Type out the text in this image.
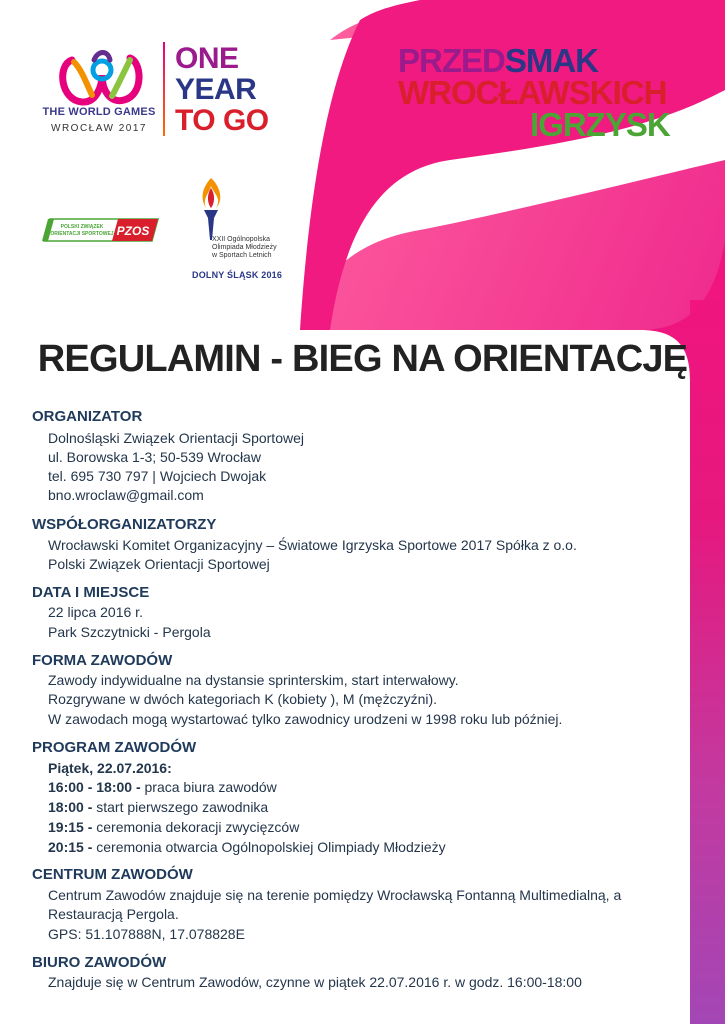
THE WORLD GAMES
WROCŁAW 2017
ONE
YEAR
TO GO
PRZEDSMAK
WROCŁAWSKICH
IGRZYSK
PZOS
POLSKI ZWIĄZEK
ORIENTACJI SPORTOWEJ
XXII Ogólnopolska
Olimpiada Młodzieży
w Sportach Letnich
DOLNY ŚLĄSK 2016
REGULAMIN - BIEG NA ORIENTACJĘ
ORGANIZATOR
Dolnośląski Związek Orientacji Sportowej
ul. Borowska 1-3; 50-539 Wrocław
tel. 695 730 797 | Wojciech Dwojak
bno.wroclaw@gmail.com
WSPÓŁORGANIZATORZY
Wrocławski Komitet Organizacyjny – Światowe Igrzyska Sportowe 2017 Spółka z o.o.
Polski Związek Orientacji Sportowej
DATA I MIEJSCE
22 lipca 2016 r.
Park Szczytnicki - Pergola
FORMA ZAWODÓW
Zawody indywidualne na dystansie sprinterskim, start interwałowy.
Rozgrywane w dwóch kategoriach K (kobiety ), M (mężczyźni).
W zawodach mogą wystartować tylko zawodnicy urodzeni w 1998 roku lub później.
PROGRAM ZAWODÓW
Piątek, 22.07.2016:
16:00 - 18:00 - praca biura zawodów
18:00 - start pierwszego zawodnika
19:15 - ceremonia dekoracji zwycięzców
20:15 - ceremonia otwarcia Ogólnopolskiej Olimpiady Młodzieży
CENTRUM ZAWODÓW
Centrum Zawodów znajduje się na terenie pomiędzy Wrocławską Fontanną Multimedialną, a
Restauracją Pergola.
GPS: 51.107888N, 17.078828E
BIURO ZAWODÓW
Znajduje się w Centrum Zawodów, czynne w piątek 22.07.2016 r. w godz. 16:00-18:00
